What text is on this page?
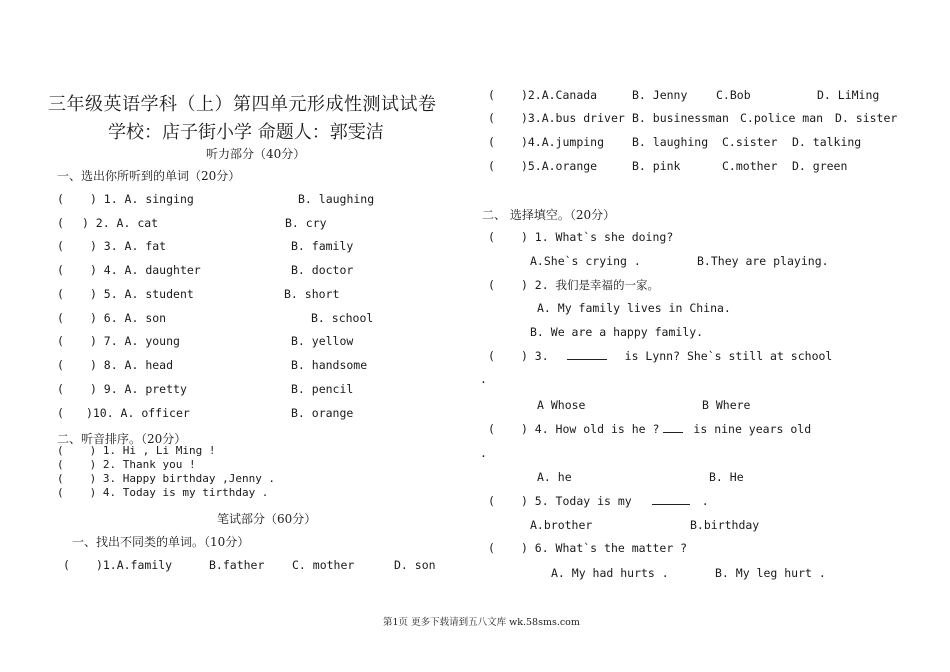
三年级英语学科（上）第四单元形成性测试试卷
学校：店子街小学 命题人：郭雯洁
听力部分（40分）
一、选出你所听到的单词（20分）
( ) 1. A. singing	B. laughing
( ) 2. A. cat	B. cry
( ) 3. A. fat	B. family
( ) 4. A. daughter	B. doctor
( ) 5. A. student	B. short
( ) 6. A. son	B. school
( ) 7. A. young	B. yellow
( ) 8. A. head	B. handsome
( ) 9. A. pretty	B. pencil
( )10. A. officer	B. orange
二、听音排序。（20分）
( ) 1. Hi , Li Ming !
( ) 2. Thank you !
( ) 3. Happy birthday ,Jenny .
( ) 4. Today is my tirthday .
笔试部分（60分）
一、找出不同类的单词。（10分）
( )1.A.family	B.father C. mother	D. son
( )2.A.Canada	B. Jenny C.Bob	D. LiMing
( )3.A.bus driver B. businessman C.police man D. sister
( )4.A.jumping B. laughing C.sister D. talking
( )5.A.orange	B. pink	C.mother D. green
二、 选择填空。（20分）
( ) 1. What`s she doing?
A.She`s crying .	B.They are playing.
( ) 2. 我们是幸福的一家。
A. My family lives in China.
B. We are a happy family.
( ) 3.	is Lynn? She`s still at school
.
A Whose	B Where
( ) 4. How old is he ?	is nine years old
.
A. he	B. He
( ) 5. Today is my	.
A.brother	B.birthday
( ) 6. What`s the matter ?
A. My had hurts .	B. My leg hurt .
第1页 更多下载请到五八文库 wk.58sms.com
